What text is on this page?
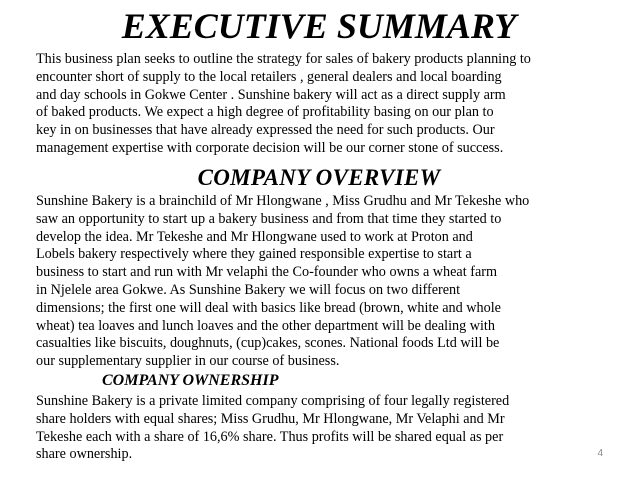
EXECUTIVE SUMMARY
This business plan seeks to outline the strategy for sales of bakery products planning to
encounter short of supply to the local retailers , general dealers and local boarding
and day schools in Gokwe Center . Sunshine bakery will act as a direct supply arm
of baked products. We expect a high degree of profitability basing on our plan to
key in on businesses that have already expressed the need for such products. Our
management expertise with corporate decision will be our corner stone of success.
COMPANY OVERVIEW
Sunshine Bakery is a brainchild of Mr Hlongwane , Miss Grudhu and Mr Tekeshe who
saw an opportunity to start up a bakery business and from that time they started to
develop the idea. Mr Tekeshe and Mr Hlongwane used to work at Proton and
Lobels bakery respectively where they gained responsible expertise to start a
business to start and run with Mr velaphi the Co-founder who owns a wheat farm
in Njelele area Gokwe. As Sunshine Bakery we will focus on two different
dimensions; the first one will deal with basics like bread (brown, white and whole
wheat) tea loaves and lunch loaves and the other department will be dealing with
casualties like biscuits, doughnuts, (cup)cakes, scones. National foods Ltd will be
our supplementary supplier in our course of business.
COMPANY OWNERSHIP
Sunshine Bakery is a private limited company comprising of four legally registered
share holders with equal shares; Miss Grudhu, Mr Hlongwane, Mr Velaphi and Mr
Tekeshe each with a share of 16,6% share. Thus profits will be shared equal as per
share ownership.	4
